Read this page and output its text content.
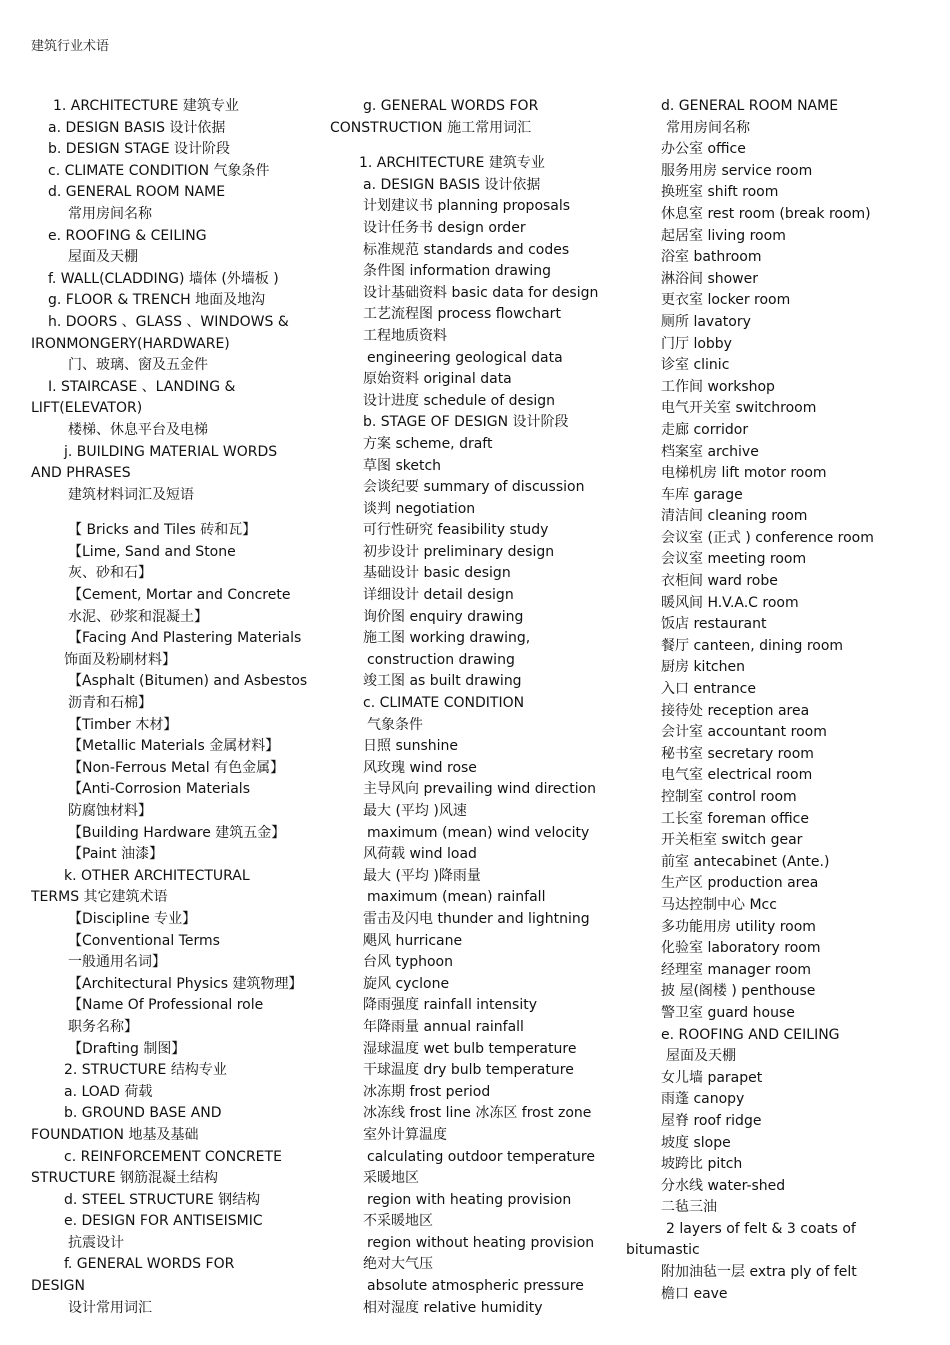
建筑行业术语
1. ARCHITECTURE 建筑专业
a. DESIGN BASIS 设计依据
b. DESIGN STAGE 设计阶段
c. CLIMATE CONDITION 气象条件
d. GENERAL ROOM NAME
常用房间名称
e. ROOFING & CEILING
屋面及天棚
f. WALL(CLADDING) 墙体 (外墙板 )
g. FLOOR & TRENCH 地面及地沟
h. DOORS 、GLASS 、WINDOWS &
IRONMONGERY(HARDWARE)
门、玻璃、窗及五金件
I. STAIRCASE 、LANDING &
LIFT(ELEVATOR)
楼梯、休息平台及电梯
j. BUILDING MATERIAL WORDS
AND PHRASES
建筑材料词汇及短语
【 Bricks and Tiles 砖和瓦】
【Lime, Sand and Stone
灰、砂和石】
【Cement, Mortar and Concrete
水泥、砂浆和混凝土】
【Facing And Plastering Materials
饰面及粉刷材料】
【Asphalt (Bitumen) and Asbestos
沥青和石棉】
【Timber 木材】
【Metallic Materials 金属材料】
【Non-Ferrous Metal 有色金属】
【Anti-Corrosion Materials
防腐蚀材料】
【Building Hardware 建筑五金】
【Paint 油漆】
k. OTHER ARCHITECTURAL
TERMS 其它建筑术语
【Discipline 专业】
【Conventional Terms
一般通用名词】
【Architectural Physics 建筑物理】
【Name Of Professional role
职务名称】
【Drafting 制图】
2. STRUCTURE 结构专业
a. LOAD 荷载
b. GROUND BASE AND
FOUNDATION 地基及基础
c. REINFORCEMENT CONCRETE
STRUCTURE 钢筋混凝土结构
d. STEEL STRUCTURE 钢结构
e. DESIGN FOR ANTISEISMIC
抗震设计
f. GENERAL WORDS FOR
DESIGN
设计常用词汇
g. GENERAL WORDS FOR
CONSTRUCTION 施工常用词汇
1. ARCHITECTURE 建筑专业
a. DESIGN BASIS 设计依据
计划建议书 planning proposals
设计任务书 design order
标准规范 standards and codes
条件图 information drawing
设计基础资料 basic data for design
工艺流程图 process flowchart
工程地质资料
engineering geological data
原始资料 original data
设计进度 schedule of design
b. STAGE OF DESIGN 设计阶段
方案 scheme, draft
草图 sketch
会谈纪要 summary of discussion
谈判 negotiation
可行性研究 feasibility study
初步设计 preliminary design
基础设计 basic design
详细设计 detail design
询价图 enquiry drawing
施工图 working drawing,
construction drawing
竣工图 as built drawing
c. CLIMATE CONDITION
气象条件
日照 sunshine
风玫瑰 wind rose
主导风向 prevailing wind direction
最大 (平均 )风速
maximum (mean) wind velocity
风荷载 wind load
最大 (平均 )降雨量
maximum (mean) rainfall
雷击及闪电 thunder and lightning
飓风 hurricane
台风 typhoon
旋风 cyclone
降雨强度 rainfall intensity
年降雨量 annual rainfall
湿球温度 wet bulb temperature
干球温度 dry bulb temperature
冰冻期 frost period
冰冻线 frost line 冰冻区 frost zone
室外计算温度
calculating outdoor temperature
采暖地区
region with heating provision
不采暖地区
region without heating provision
绝对大气压
absolute atmospheric pressure
相对湿度 relative humidity
d. GENERAL ROOM NAME
常用房间名称
办公室 office
服务用房 service room
换班室 shift room
休息室 rest room (break room)
起居室 living room
浴室 bathroom
淋浴间 shower
更衣室 locker room
厕所 lavatory
门厅 lobby
诊室 clinic
工作间 workshop
电气开关室 switchroom
走廊 corridor
档案室 archive
电梯机房 lift motor room
车库 garage
清洁间 cleaning room
会议室 (正式 ) conference room
会议室 meeting room
衣柜间 ward robe
暖风间 H.V.A.C room
饭店 restaurant
餐厅 canteen, dining room
厨房 kitchen
入口 entrance
接待处 reception area
会计室 accountant room
秘书室 secretary room
电气室 electrical room
控制室 control room
工长室 foreman office
开关柜室 switch gear
前室 antecabinet (Ante.)
生产区 production area
马达控制中心 Mcc
多功能用房 utility room
化验室 laboratory room
经理室 manager room
披 屋(阁楼 ) penthouse
警卫室 guard house
e. ROOFING AND CEILING
屋面及天棚
女儿墙 parapet
雨蓬 canopy
屋脊 roof ridge
坡度 slope
坡跨比 pitch
分水线 water-shed
二毡三油
2 layers of felt & 3 coats of
bitumastic
附加油毡一层 extra ply of felt
檐口 eave
